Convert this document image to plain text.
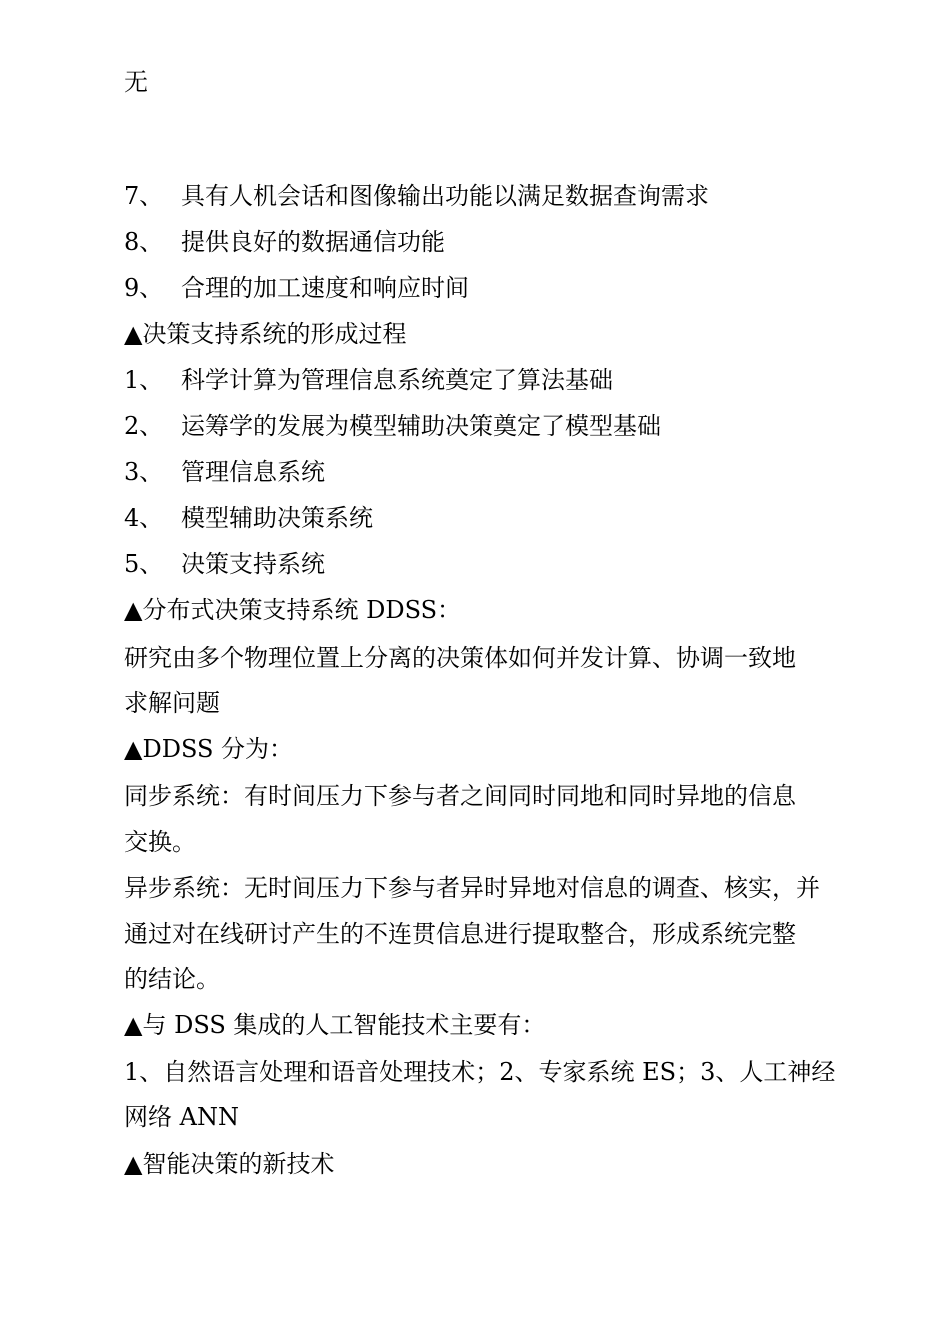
无
7、 具有人机会话和图像输出功能以满足数据查询需求
8、 提供良好的数据通信功能
9、 合理的加工速度和响应时间
▲决策支持系统的形成过程
1、 科学计算为管理信息系统奠定了算法基础
2、 运筹学的发展为模型辅助决策奠定了模型基础
3、 管理信息系统
4、 模型辅助决策系统
5、 决策支持系统
▲分布式决策支持系统 DDSS：
研究由多个物理位置上分离的决策体如何并发计算、协调一致地
求解问题
▲DDSS 分为：
同步系统：有时间压力下参与者之间同时同地和同时异地的信息
交换。
异步系统：无时间压力下参与者异时异地对信息的调查、核实，并
通过对在线研讨产生的不连贯信息进行提取整合，形成系统完整
的结论。
▲与 DSS 集成的人工智能技术主要有：
1、自然语言处理和语音处理技术；2、专家系统 ES；3、人工神经
网络 ANN
▲智能决策的新技术
